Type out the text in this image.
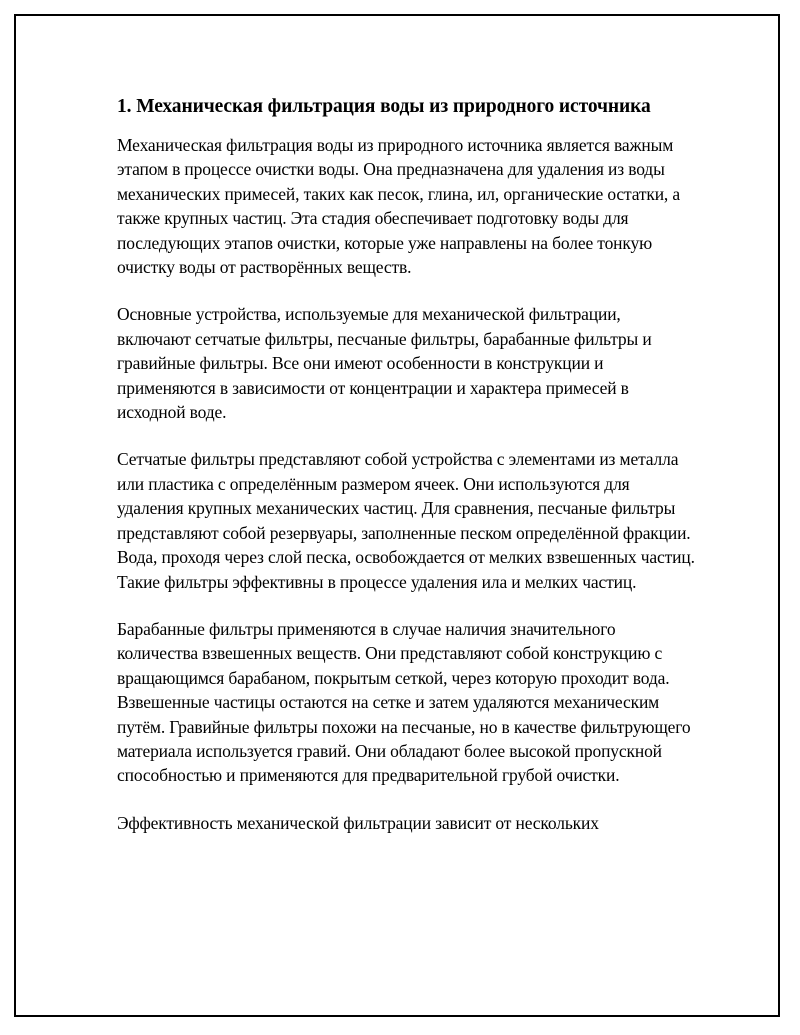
1. Механическая фильтрация воды из природного источника

Механическая фильтрация воды из природного источника является важным этапом в процессе очистки воды. Она предназначена для удаления из воды механических примесей, таких как песок, глина, ил, органические остатки, а также крупных частиц. Эта стадия обеспечивает подготовку воды для последующих этапов очистки, которые уже направлены на более тонкую очистку воды от растворённых веществ.

Основные устройства, используемые для механической фильтрации, включают сетчатые фильтры, песчаные фильтры, барабанные фильтры и гравийные фильтры. Все они имеют особенности в конструкции и применяются в зависимости от концентрации и характера примесей в исходной воде.

Сетчатые фильтры представляют собой устройства с элементами из металла или пластика с определённым размером ячеек. Они используются для удаления крупных механических частиц. Для сравнения, песчаные фильтры представляют собой резервуары, заполненные песком определённой фракции. Вода, проходя через слой песка, освобождается от мелких взвешенных частиц. Такие фильтры эффективны в процессе удаления ила и мелких частиц.

Барабанные фильтры применяются в случае наличия значительного количества взвешенных веществ. Они представляют собой конструкцию с вращающимся барабаном, покрытым сеткой, через которую проходит вода. Взвешенные частицы остаются на сетке и затем удаляются механическим путём. Гравийные фильтры похожи на песчаные, но в качестве фильтрующего материала используется гравий. Они обладают более высокой пропускной способностью и применяются для предварительной грубой очистки.

Эффективность механической фильтрации зависит от нескольких
